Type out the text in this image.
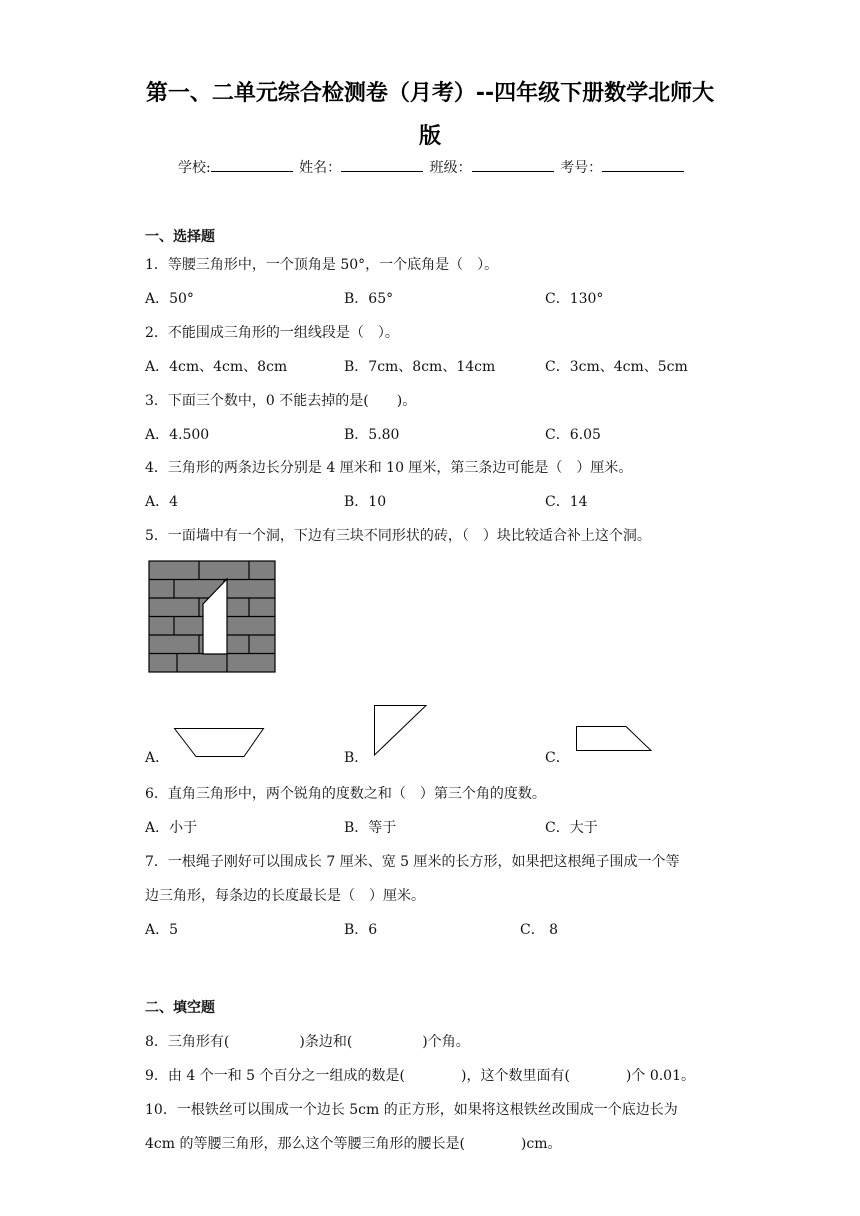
第一、二单元综合检测卷（月考）--四年级下册数学北师大
版
学校:	姓名：	班级：	考号：
一、选择题
1．等腰三角形中，一个顶角是 50°，一个底角是（　）。
A．50°	B．65°	C．130°
2．不能围成三角形的一组线段是（　）。
A．4cm、4cm、8cm	B．7cm、8cm、14cm	C．3cm、4cm、5cm
3．下面三个数中，0 不能去掉的是(　　)。
A．4.500	B．5.80	C．6.05
4．三角形的两条边长分别是 4 厘米和 10 厘米，第三条边可能是（　）厘米。
A．4	B．10	C．14
5．一面墙中有一个洞，下边有三块不同形状的砖，（　）块比较适合补上这个洞。
A．	B．	C．
6．直角三角形中，两个锐角的度数之和（　）第三个角的度数。
A．小于	B．等于	C．大于
7．一根绳子刚好可以围成长 7 厘米、宽 5 厘米的长方形，如果把这根绳子围成一个等
边三角形，每条边的长度最长是（　）厘米。
A．5	B．6	C． 8
二、填空题
8．三角形有(　　　　　)条边和(　　　　　)个角。
9．由 4 个一和 5 个百分之一组成的数是(　　　　)，这个数里面有(　　　　)个 0.01。
10．一根铁丝可以围成一个边长 5cm 的正方形，如果将这根铁丝改围成一个底边长为
4cm 的等腰三角形，那么这个等腰三角形的腰长是(　　　　)cm。
